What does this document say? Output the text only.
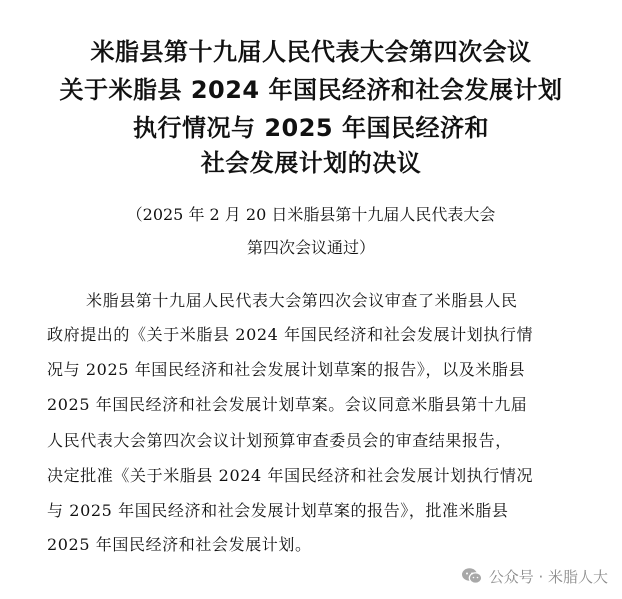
米脂县第十九届人民代表大会第四次会议
关于米脂县 2024 年国民经济和社会发展计划
执行情况与 2025 年国民经济和
社会发展计划的决议
（2025 年 2 月 20 日米脂县第十九届人民代表大会
第四次会议通过）
米脂县第十九届人民代表大会第四次会议审查了米脂县人民
政府提出的《关于米脂县 2024 年国民经济和社会发展计划执行情
况与 2025 年国民经济和社会发展计划草案的报告》，以及米脂县
2025 年国民经济和社会发展计划草案。会议同意米脂县第十九届
人民代表大会第四次会议计划预算审查委员会的审查结果报告，
决定批准《关于米脂县 2024 年国民经济和社会发展计划执行情况
与 2025 年国民经济和社会发展计划草案的报告》，批准米脂县
2025 年国民经济和社会发展计划。
公众号 · 米脂人大
